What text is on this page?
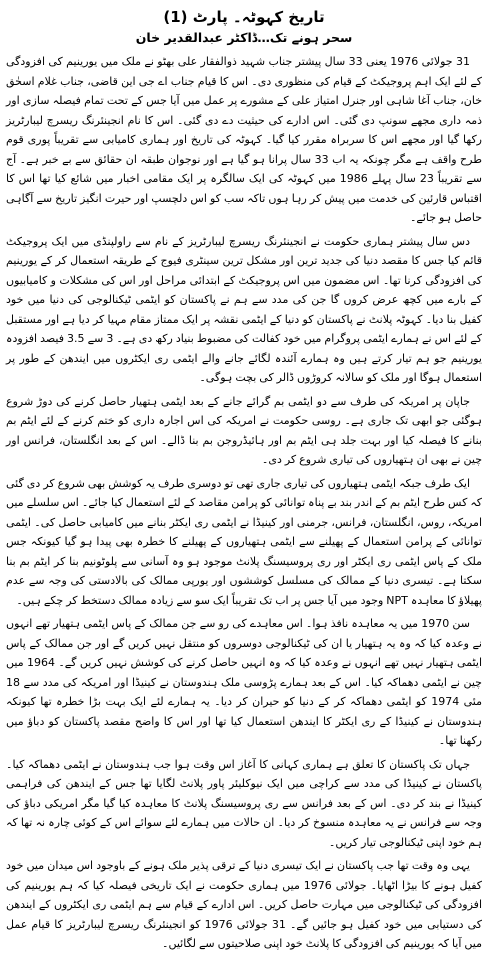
تاریخ کہوٹہ۔ پارٹ (1)
سحر ہونے تک…ڈاکٹر عبدالقدیر خان

31 جولائی 1976 یعنی 33 سال پیشتر جناب شہید ذوالفقار علی بھٹو نے ملک میں یورینیم کی افزودگی کے لئے ایک اہم پروجیکٹ کے قیام کی منظوری دی۔ اس کا قیام جناب اے جی این قاضی، جناب غلام اسحٰق خان، جناب آغا شاہی اور جنرل امتیاز علی کے مشورے پر عمل میں آیا جس کے تحت تمام فیصلہ سازی اور ذمہ داری مجھے سونپ دی گئی۔ اس ادارے کی حیثیت دے دی گئی۔ اس کا نام انجینئرنگ ریسرچ لیبارٹریز رکھا گیا اور مجھے اس کا سربراہ مقرر کیا گیا۔ کہوٹہ کی تاریخ اور ہماری کامیابی سے تقریباً پوری قوم طرح واقف ہے مگر چونکہ یہ اب 33 سال پرانا ہو گیا ہے اور نوجوان طبقہ ان حقائق سے بے خبر ہے۔ آج سے تقریباً 23 سال پہلے 1986 میں کہوٹہ کی ایک سالگرہ پر ایک مقامی اخبار میں شائع کیا تھا اس کا اقتباس قارئین کی خدمت میں پیش کر رہا ہوں تاکہ سب کو اس دلچسپ اور حیرت انگیز تاریخ سے آگاہی حاصل ہو جائے۔

دس سال پیشتر ہماری حکومت نے انجینئرنگ ریسرچ لیبارٹریز کے نام سے راولپنڈی میں ایک پروجیکٹ قائم کیا جس کا مقصد دنیا کی جدید ترین اور مشکل ترین سینٹری فیوج کے طریقہ استعمال کر کے یورینیم کی افزودگی کرنا تھا۔ اس مضمون میں اس پروجیکٹ کے ابتدائی مراحل اور اس کی مشکلات و کامیابیوں کے بارے میں کچھ عرض کروں گا جن کی مدد سے ہم نے پاکستان کو ایٹمی ٹیکنالوجی کی دنیا میں خود کفیل بنا دیا۔ کہوٹہ پلانٹ نے پاکستان کو دنیا کے ایٹمی نقشہ پر ایک ممتاز مقام مہیا کر دیا ہے اور مستقبل کے لئے اس نے ہمارے ایٹمی پروگرام میں خود کفالت کی مضبوط بنیاد رکھ دی ہے۔ 3 سے 3.5 فیصد افزودہ یورینیم جو ہم تیار کرتے ہیں وہ ہمارے آئندہ لگائے جانے والے ایٹمی ری ایکٹروں میں ایندھن کے طور پر استعمال ہوگا اور ملک کو سالانہ کروڑوں ڈالر کی بچت ہوگی۔

جاپان پر امریکہ کی طرف سے دو ایٹمی بم گرائے جانے کے بعد ایٹمی ہتھیار حاصل کرنے کی دوڑ شروع ہوگئی جو ابھی تک جاری ہے۔ روسی حکومت نے امریکہ کی اس اجارہ داری کو ختم کرنے کے لئے ایٹم بم بنانے کا فیصلہ کیا اور بہت جلد ہی ایٹم بم اور ہائیڈروجن بم بنا ڈالے۔ اس کے بعد انگلستان، فرانس اور چین نے بھی ان ہتھیاروں کی تیاری شروع کر دی۔

ایک طرف جبکہ ایٹمی ہتھیاروں کی تیاری جاری تھی تو دوسری طرف یہ کوشش بھی شروع کر دی گئی کہ کس طرح ایٹم بم کے اندر بند بے پناہ توانائی کو پرامن مقاصد کے لئے استعمال کیا جائے۔ اس سلسلے میں امریکہ، روس، انگلستان، فرانس، جرمنی اور کینیڈا نے ایٹمی ری ایکٹر بنانے میں کامیابی حاصل کی۔ ایٹمی توانائی کے پرامن استعمال کے پھیلنے سے ایٹمی ہتھیاروں کے پھیلنے کا خطرہ بھی پیدا ہو گیا کیونکہ جس ملک کے پاس ایٹمی ری ایکٹر اور ری پروسیسنگ پلانٹ موجود ہو وہ آسانی سے پلوٹونیم بنا کر ایٹم بم بنا سکتا ہے۔ تیسری دنیا کے ممالک کی مسلسل کوششوں اور یورپی ممالک کی بالادستی کی وجہ سے عدم پھیلاؤ کا معاہدہ NPT وجود میں آیا جس پر اب تک تقریباً ایک سو سے زیادہ ممالک دستخط کر چکے ہیں۔

سن 1970 میں یہ معاہدہ نافذ ہوا۔ اس معاہدے کی رو سے جن ممالک کے پاس ایٹمی ہتھیار تھے انہوں نے وعدہ کیا کہ وہ یہ ہتھیار یا ان کی ٹیکنالوجی دوسروں کو منتقل نہیں کریں گے اور جن ممالک کے پاس ایٹمی ہتھیار نہیں تھے انہوں نے وعدہ کیا کہ وہ انہیں حاصل کرنے کی کوشش نہیں کریں گے۔ 1964 میں چین نے ایٹمی دھماکہ کیا۔ اس کے بعد ہمارے پڑوسی ملک ہندوستان نے کینیڈا اور امریکہ کی مدد سے 18 مئی 1974 کو ایٹمی دھماکہ کر کے دنیا کو حیران کر دیا۔ یہ ہمارے لئے ایک بہت بڑا خطرہ تھا کیونکہ ہندوستان نے کینیڈا کے ری ایکٹر کا ایندھن استعمال کیا تھا اور اس کا واضح مقصد پاکستان کو دباؤ میں رکھنا تھا۔

جہاں تک پاکستان کا تعلق ہے ہماری کہانی کا آغاز اس وقت ہوا جب ہندوستان نے ایٹمی دھماکہ کیا۔ پاکستان نے کینیڈا کی مدد سے کراچی میں ایک نیوکلیئر پاور پلانٹ لگایا تھا جس کے ایندھن کی فراہمی کینیڈا نے بند کر دی۔ اس کے بعد فرانس سے ری پروسیسنگ پلانٹ کا معاہدہ کیا گیا مگر امریکی دباؤ کی وجہ سے فرانس نے یہ معاہدہ منسوخ کر دیا۔ ان حالات میں ہمارے لئے سوائے اس کے کوئی چارہ نہ تھا کہ ہم خود اپنی ٹیکنالوجی تیار کریں۔

یہی وہ وقت تھا جب پاکستان نے ایک تیسری دنیا کے ترقی پذیر ملک ہونے کے باوجود اس میدان میں خود کفیل ہونے کا بیڑا اٹھایا۔ جولائی 1976 میں ہماری حکومت نے ایک تاریخی فیصلہ کیا کہ ہم یورینیم کی افزودگی کی ٹیکنالوجی میں مہارت حاصل کریں۔ اس ادارے کے قیام سے ہم ایٹمی ری ایکٹروں کے ایندھن کی دستیابی میں خود کفیل ہو جائیں گے۔ 31 جولائی 1976 کو انجینئرنگ ریسرچ لیبارٹریز کا قیام عمل میں آیا کہ یورینیم کی افزودگی کا پلانٹ خود اپنی صلاحیتوں سے لگائیں۔
